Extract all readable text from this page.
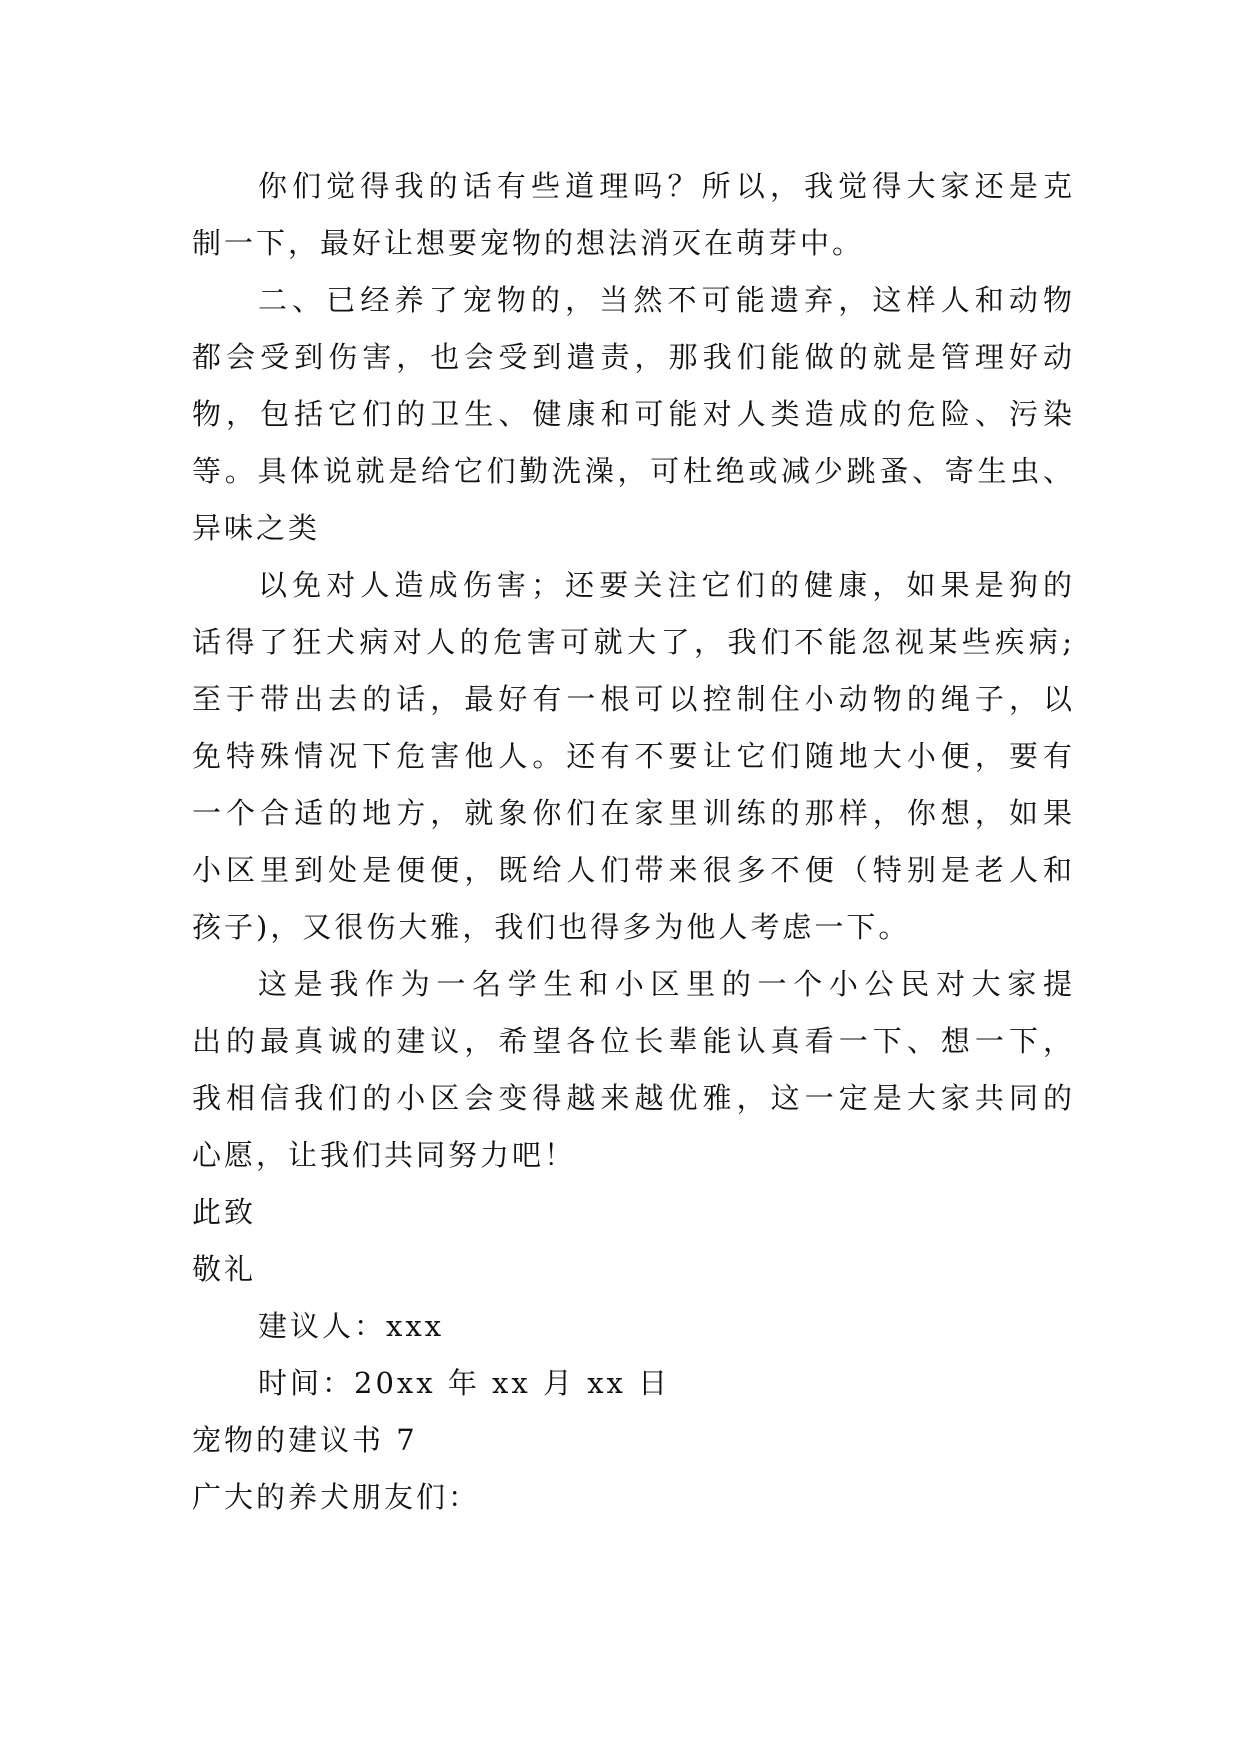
你们觉得我的话有些道理吗？所以，我觉得大家还是克
制一下，最好让想要宠物的想法消灭在萌芽中。
二、已经养了宠物的，当然不可能遗弃，这样人和动物
都会受到伤害，也会受到遣责，那我们能做的就是管理好动
物，包括它们的卫生、健康和可能对人类造成的危险、污染
等。具体说就是给它们勤洗澡，可杜绝或减少跳蚤、寄生虫、
异味之类
以免对人造成伤害；还要关注它们的健康，如果是狗的
话得了狂犬病对人的危害可就大了，我们不能忽视某些疾病;
至于带出去的话，最好有一根可以控制住小动物的绳子，以
免特殊情况下危害他人。还有不要让它们随地大小便，要有
一个合适的地方，就象你们在家里训练的那样，你想，如果
小区里到处是便便，既给人们带来很多不便（特别是老人和
孩子)，又很伤大雅，我们也得多为他人考虑一下。
这是我作为一名学生和小区里的一个小公民对大家提
出的最真诚的建议，希望各位长辈能认真看一下、想一下，
我相信我们的小区会变得越来越优雅，这一定是大家共同的
心愿，让我们共同努力吧！
此致
敬礼
建议人：xxx
时间：20xx 年 xx 月 xx 日
宠物的建议书 7
广大的养犬朋友们：
